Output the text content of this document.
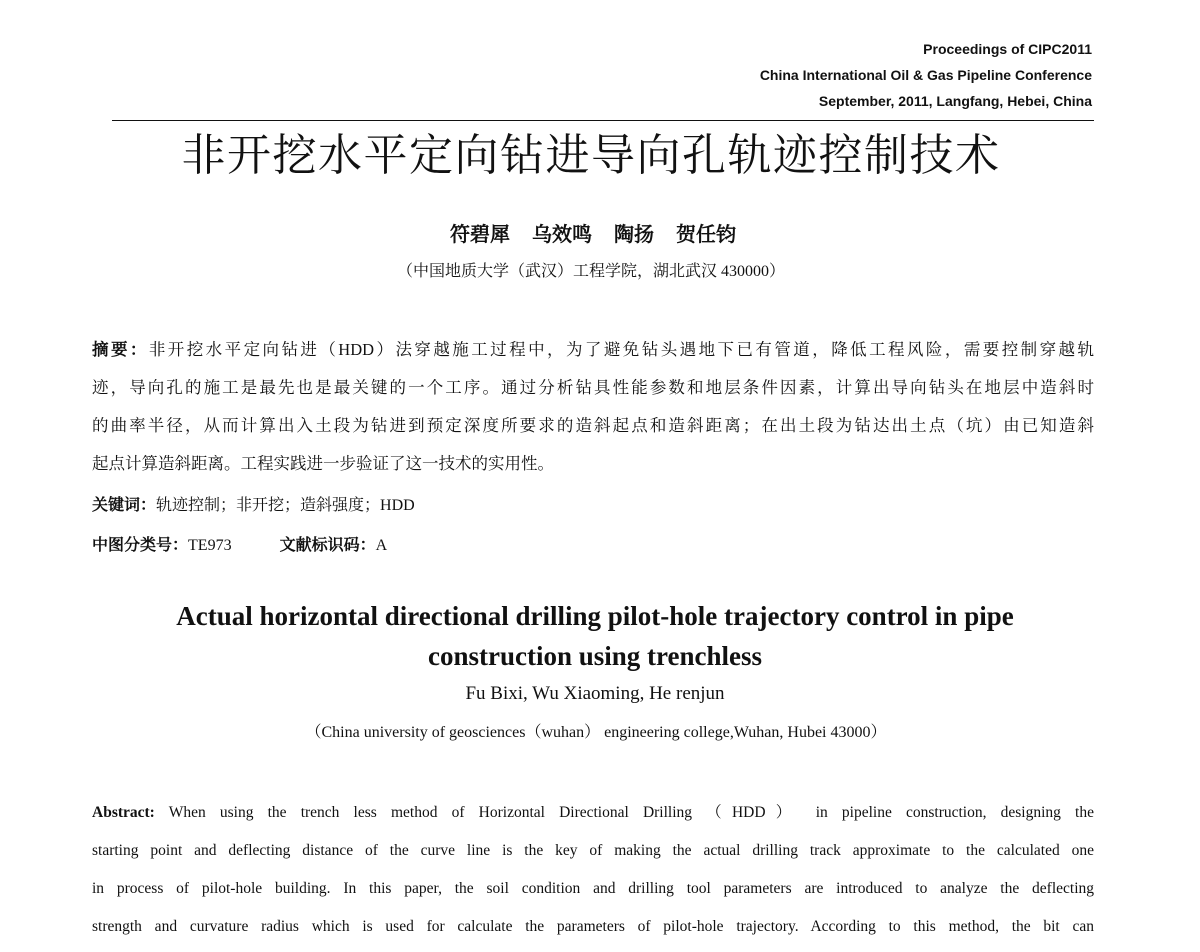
Proceedings of CIPC2011
China International Oil & Gas Pipeline Conference
September, 2011, Langfang, Hebei, China
非开挖水平定向钻进导向孔轨迹控制技术
符碧犀 乌效鸣 陶扬 贺任钧
（中国地质大学（武汉）工程学院，湖北武汉 430000）
摘要：非开挖水平定向钻进（HDD）法穿越施工过程中，为了避免钻头遇地下已有管道，降低工程风险，需要控制穿越轨
迹，导向孔的施工是最先也是最关键的一个工序。通过分析钻具性能参数和地层条件因素，计算出导向钻头在地层中造斜时
的曲率半径，从而计算出入土段为钻进到预定深度所要求的造斜起点和造斜距离；在出土段为钻达出土点（坑）由已知造斜
起点计算造斜距离。工程实践进一步验证了这一技术的实用性。
关键词：轨迹控制；非开挖；造斜强度；HDD
中图分类号：TE973	文献标识码：A
Actual horizontal directional drilling pilot-hole trajectory control in pipe
construction using trenchless
Fu Bixi, Wu Xiaoming, He renjun
（China university of geosciences（wuhan） engineering college,Wuhan, Hubei 43000）
Abstract: When using the trench less method of Horizontal Directional Drilling （HDD） in pipeline construction, designing the
starting point and deflecting distance of the curve line is the key of making the actual drilling track approximate to the calculated one
in process of pilot-hole building. In this paper, the soil condition and drilling tool parameters are introduced to analyze the deflecting
strength and curvature radius which is used for calculate the parameters of pilot-hole trajectory. According to this method, the bit can
